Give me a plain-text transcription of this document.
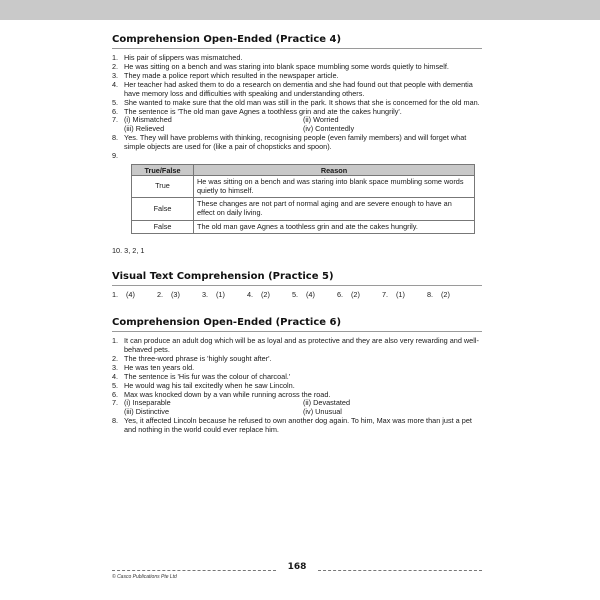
Comprehension Open-Ended (Practice 4)
1. His pair of slippers was mismatched.
2. He was sitting on a bench and was staring into blank space mumbling some words quietly to himself.
3. They made a police report which resulted in the newspaper article.
4. Her teacher had asked them to do a research on dementia and she had found out that people with dementia have memory loss and difficulties with speaking and understanding others.
5. She wanted to make sure that the old man was still in the park. It shows that she is concerned for the old man.
6. The sentence is 'The old man gave Agnes a toothless grin and ate the cakes hungrily'.
7. (i) Mismatched	(ii) Worried
(iii) Relieved	(iv) Contentedly
8. Yes. They will have problems with thinking, recognising people (even family members) and will forget what simple objects are used for (like a pair of chopsticks and spoon).
9.
True/False	Reason
True	He was sitting on a bench and was staring into blank space mumbling some words quietly to himself.
False	These changes are not part of normal aging and are severe enough to have an effect on daily living.
False	The old man gave Agnes a toothless grin and ate the cakes hungrily.
10. 3, 2, 1
Visual Text Comprehension (Practice 5)
1.	(4)	2.	(3)	3.	(1)	4.	(2)	5.	(4)	6.	(2)	7.	(1)	8.	(2)
Comprehension Open-Ended (Practice 6)
1. It can produce an adult dog which will be as loyal and as protective and they are also very rewarding and well-behaved pets.
2. The three-word phrase is 'highly sought after'.
3. He was ten years old.
4. The sentence is 'His fur was the colour of charcoal.'
5. He would wag his tail excitedly when he saw Lincoln.
6. Max was knocked down by a van while running across the road.
7. (i) Inseparable	(ii) Devastated
(iii) Distinctive	(iv) Unusual
8. Yes, it affected Lincoln because he refused to own another dog again. To him, Max was more than just a pet and nothing in the world could ever replace him.
168
© Casco Publications Pte Ltd
